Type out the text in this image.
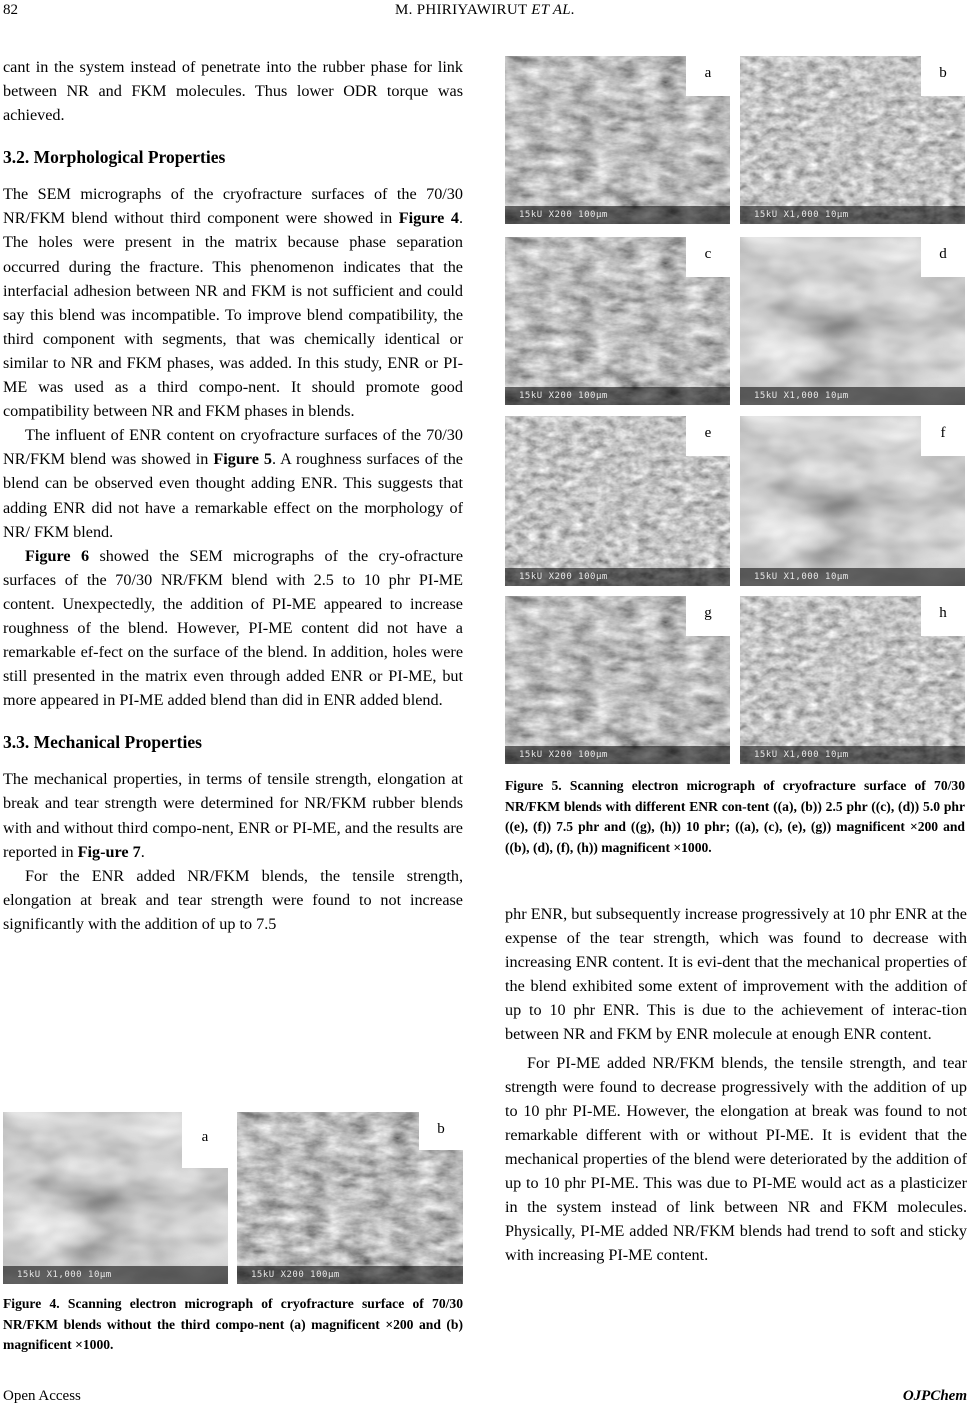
82	M. PHIRIYAWIRUT ET AL.

cant in the system instead of penetrate into the rubber phase for link between NR and FKM molecules. Thus lower ODR torque was achieved.

3.2. Morphological Properties

The SEM micrographs of the cryofracture surfaces of the 70/30 NR/FKM blend without third component were showed in Figure 4. The holes were present in the matrix because phase separation occurred during the fracture. This phenomenon indicates that the interfacial adhesion between NR and FKM is not sufficient and could say this blend was incompatible. To improve blend compatibility, the third component with segments, that was chemically identical or similar to NR and FKM phases, was added. In this study, ENR or PI-ME was used as a third compo-nent. It should promote good compatibility between NR and FKM phases in blends.

The influent of ENR content on cryofracture surfaces of the 70/30 NR/FKM blend was showed in Figure 5. A roughness surfaces of the blend can be observed even thought adding ENR. This suggests that adding ENR did not have a remarkable effect on the morphology of NR/ FKM blend.

Figure 6 showed the SEM micrographs of the cry-ofracture surfaces of the 70/30 NR/FKM blend with 2.5 to 10 phr PI-ME content. Unexpectedly, the addition of PI-ME appeared to increase roughness of the blend. However, PI-ME content did not have a remarkable ef-fect on the surface of the blend. In addition, holes were still presented in the matrix even through added ENR or PI-ME, but more appeared in PI-ME added blend than did in ENR added blend.

3.3. Mechanical Properties

The mechanical properties, in terms of tensile strength, elongation at break and tear strength were determined for NR/FKM rubber blends with and without third compo-nent, ENR or PI-ME, and the results are reported in Fig-ure 7.

For the ENR added NR/FKM blends, the tensile strength, elongation at break and tear strength were found to not increase significantly with the addition of up to 7.5

15kU X1,000 10µm
a
15kU X200 100µm
b

Figure 4. Scanning electron micrograph of cryofracture surface of 70/30 NR/FKM blends without the third compo-nent (a) magnificent ×200 and (b) magnificent ×1000.

15kU X200 100µm
a
15kU X1,000 10µm
b
15kU X200 100µm
c
15kU X1,000 10µm
d
15kU X200 100µm
e
15kU X1,000 10µm
f
15kU X200 100µm
g
15kU X1,000 10µm
h

Figure 5. Scanning electron micrograph of cryofracture surface of 70/30 NR/FKM blends with different ENR con-tent ((a), (b)) 2.5 phr ((c), (d)) 5.0 phr ((e), (f)) 7.5 phr and ((g), (h)) 10 phr; ((a), (c), (e), (g)) magnificent ×200 and ((b), (d), (f), (h)) magnificent ×1000.

phr ENR, but subsequently increase progressively at 10 phr ENR at the expense of the tear strength, which was found to decrease with increasing ENR content. It is evi-dent that the mechanical properties of the blend exhibited some extent of improvement with the addition of up to 10 phr ENR. This is due to the achievement of interac-tion between NR and FKM by ENR molecule at enough ENR content.

For PI-ME added NR/FKM blends, the tensile strength, and tear strength were found to decrease progressively with the addition of up to 10 phr PI-ME. However, the elongation at break was found to not remarkable different with or without PI-ME. It is evident that the mechanical properties of the blend were deteriorated by the addition of up to 10 phr PI-ME. This was due to PI-ME would act as a plasticizer in the system instead of link between NR and FKM molecules. Physically, PI-ME added NR/FKM blends had trend to soft and sticky with increasing PI-ME content.

Open Access	OJPChem
